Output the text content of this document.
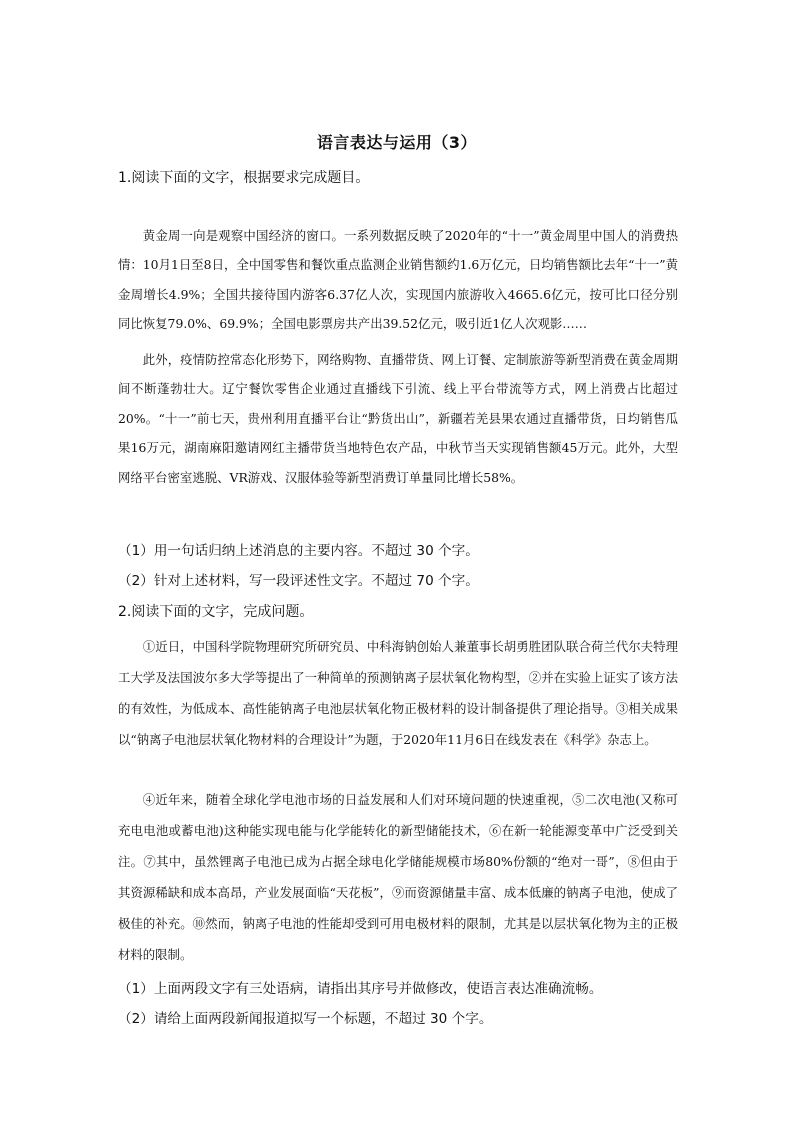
语言表达与运用（3）
1.阅读下面的文字，根据要求完成题目。
黄金周一向是观察中国经济的窗口。一系列数据反映了2020年的“十一”黄金周里中国人的消费热情：10月1日至8日，全中国零售和餐饮重点监测企业销售额约1.6万亿元，日均销售额比去年“十一”黄金周增长4.9%；全国共接待国内游客6.37亿人次，实现国内旅游收入4665.6亿元，按可比口径分别同比恢复79.0%、69.9%；全国电影票房共产出39.52亿元，吸引近1亿人次观影……
此外，疫情防控常态化形势下，网络购物、直播带货、网上订餐、定制旅游等新型消费在黄金周期间不断蓬勃壮大。辽宁餐饮零售企业通过直播线下引流、线上平台带流等方式，网上消费占比超过20%。“十一”前七天，贵州利用直播平台让“黔货出山”，新疆若羌县果农通过直播带货，日均销售瓜果16万元，湖南麻阳邀请网红主播带货当地特色农产品，中秋节当天实现销售额45万元。此外，大型网络平台密室逃脱、VR游戏、汉服体验等新型消费订单量同比增长58%。
（1）用一句话归纳上述消息的主要内容。不超过 30 个字。
（2）针对上述材料，写一段评述性文字。不超过 70 个字。
2.阅读下面的文字，完成问题。
①近日，中国科学院物理研究所研究员、中科海钠创始人兼董事长胡勇胜团队联合荷兰代尔夫特理工大学及法国波尔多大学等提出了一种简单的预测钠离子层状氧化物构型，②并在实验上证实了该方法的有效性，为低成本、高性能钠离子电池层状氧化物正极材料的设计制备提供了理论指导。③相关成果以“钠离子电池层状氧化物材料的合理设计”为题，于2020年11月6日在线发表在《科学》杂志上。
④近年来，随着全球化学电池市场的日益发展和人们对环境问题的快速重视，⑤二次电池(又称可充电电池或蓄电池)这种能实现电能与化学能转化的新型储能技术，⑥在新一轮能源变革中广泛受到关注。⑦其中，虽然锂离子电池已成为占据全球电化学储能规模市场80%份额的“绝对一哥”，⑧但由于其资源稀缺和成本高昂，产业发展面临“天花板”，⑨而资源储量丰富、成本低廉的钠离子电池，使成了极佳的补充。⑩然而，钠离子电池的性能却受到可用电极材料的限制，尤其是以层状氧化物为主的正极材料的限制。
（1）上面两段文字有三处语病，请指出其序号并做修改，使语言表达准确流畅。
（2）请给上面两段新闻报道拟写一个标题，不超过 30 个字。
